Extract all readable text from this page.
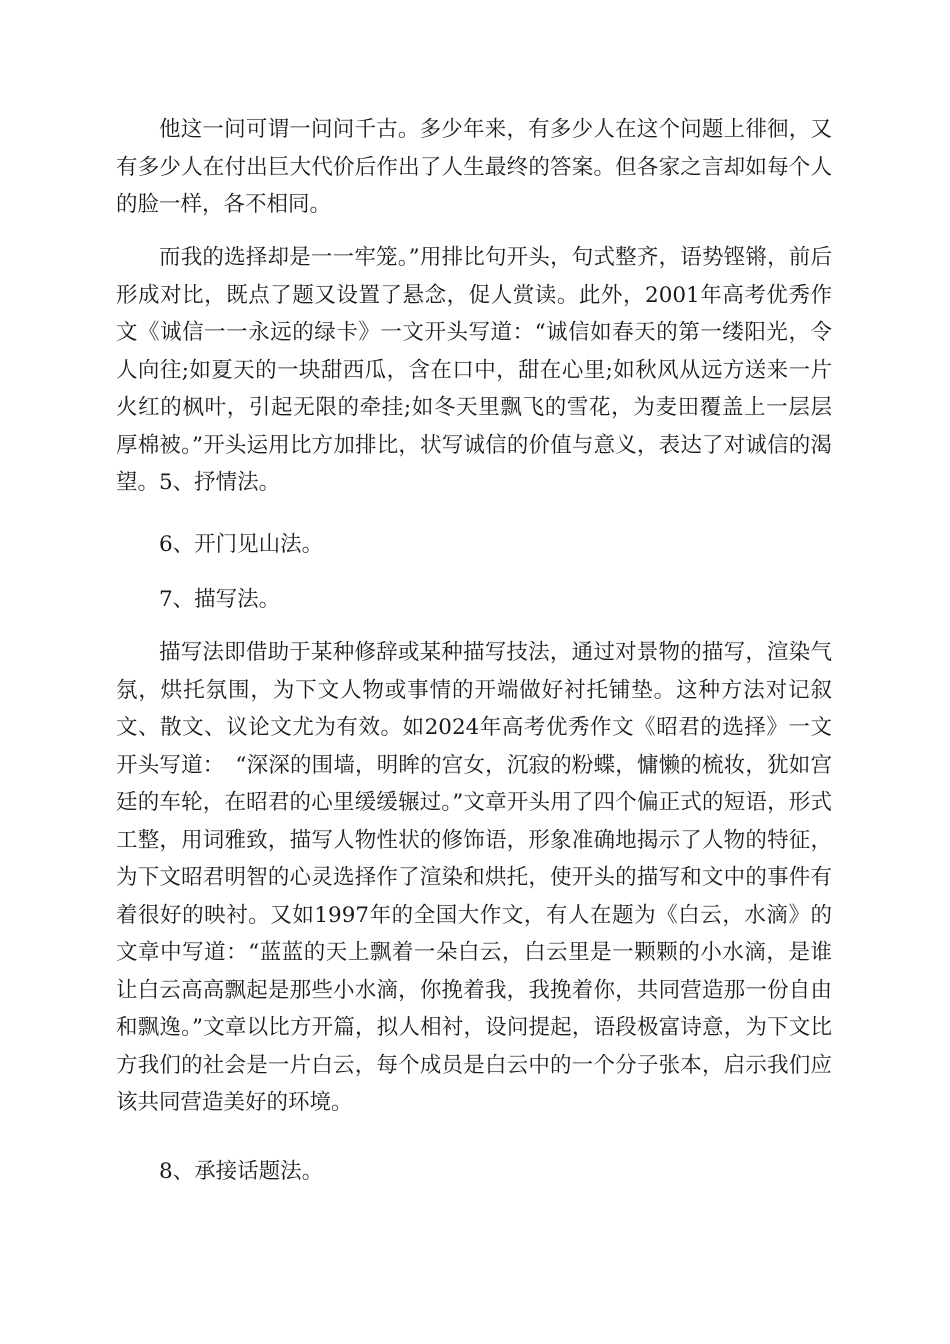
他这一问可谓一问问千古。多少年来，有多少人在这个问题上徘徊，又有多少人在付出巨大代价后作出了人生最终的答案。但各家之言却如每个人的脸一样，各不相同。

而我的选择却是一一牢笼。”用排比句开头，句式整齐，语势铿锵，前后形成对比，既点了题又设置了悬念，促人赏读。此外，2001年高考优秀作文《诚信一一永远的绿卡》一文开头写道：“诚信如春天的第一缕阳光，令人向往;如夏天的一块甜西瓜，含在口中，甜在心里;如秋风从远方送来一片火红的枫叶，引起无限的牵挂;如冬天里飘飞的雪花，为麦田覆盖上一层层厚棉被。”开头运用比方加排比，状写诚信的价值与意义，表达了对诚信的渴望。5、抒情法。

6、开门见山法。

7、描写法。

描写法即借助于某种修辞或某种描写技法，通过对景物的描写，渲染气氛，烘托氛围，为下文人物或事情的开端做好衬托铺垫。这种方法对记叙文、散文、议论文尤为有效。如2024年高考优秀作文《昭君的选择》一文开头写道：　“深深的围墙，明眸的宫女，沉寂的粉蝶，慵懒的梳妆，犹如宫廷的车轮，在昭君的心里缓缓辗过。”文章开头用了四个偏正式的短语，形式工整，用词雅致，描写人物性状的修饰语，形象准确地揭示了人物的特征，为下文昭君明智的心灵选择作了渲染和烘托，使开头的描写和文中的事件有着很好的映衬。又如1997年的全国大作文，有人在题为《白云，水滴》的文章中写道：“蓝蓝的天上飘着一朵白云，白云里是一颗颗的小水滴，是谁让白云高高飘起是那些小水滴，你挽着我，我挽着你，共同营造那一份自由和飘逸。”文章以比方开篇，拟人相衬，设问提起，语段极富诗意，为下文比方我们的社会是一片白云，每个成员是白云中的一个分子张本，启示我们应该共同营造美好的环境。

8、承接话题法。
